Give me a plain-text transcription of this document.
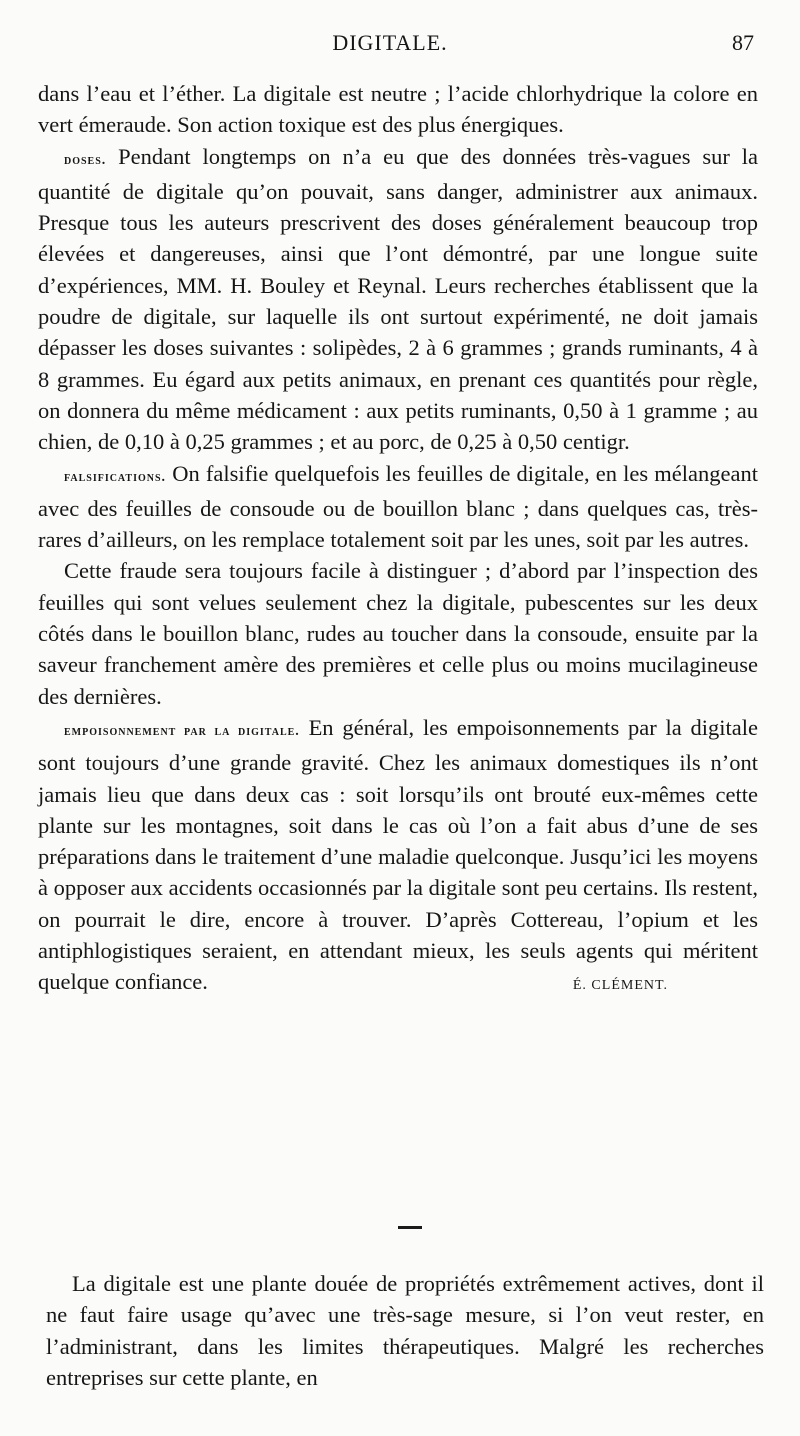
DIGITALE.	87

dans l’eau et l’éther. La digitale est neutre ; l’acide chlorhydrique la colore en vert émeraude. Son action toxique est des plus énergiques.

doses. Pendant longtemps on n’a eu que des données très-vagues sur la quantité de digitale qu’on pouvait, sans danger, administrer aux animaux. Presque tous les auteurs prescrivent des doses généralement beaucoup trop élevées et dangereuses, ainsi que l’ont démontré, par une longue suite d’expériences, MM. H. Bouley et Reynal. Leurs recherches établissent que la poudre de digitale, sur laquelle ils ont surtout expérimenté, ne doit jamais dépasser les doses suivantes : solipèdes, 2 à 6 grammes ; grands ruminants, 4 à 8 grammes. Eu égard aux petits animaux, en prenant ces quantités pour règle, on donnera du même médicament : aux petits ruminants, 0,50 à 1 gramme ; au chien, de 0,10 à 0,25 grammes ; et au porc, de 0,25 à 0,50 centigr.

falsifications. On falsifie quelquefois les feuilles de digitale, en les mélangeant avec des feuilles de consoude ou de bouillon blanc ; dans quelques cas, très-rares d’ailleurs, on les remplace totalement soit par les unes, soit par les autres.

Cette fraude sera toujours facile à distinguer ; d’abord par l’inspection des feuilles qui sont velues seulement chez la digitale, pubescentes sur les deux côtés dans le bouillon blanc, rudes au toucher dans la consoude, ensuite par la saveur franchement amère des premières et celle plus ou moins mucilagineuse des dernières.

empoisonnement par la digitale. En général, les empoisonnements par la digitale sont toujours d’une grande gravité. Chez les animaux domestiques ils n’ont jamais lieu que dans deux cas : soit lorsqu’ils ont brouté eux-mêmes cette plante sur les montagnes, soit dans le cas où l’on a fait abus d’une de ses préparations dans le traitement d’une maladie quelconque. Jusqu’ici les moyens à opposer aux accidents occasionnés par la digitale sont peu certains. Ils restent, on pourrait le dire, encore à trouver. D’après Cottereau, l’opium et les antiphlogistiques seraient, en attendant mieux, les seuls agents qui méritent quelque confiance.	É. CLÉMENT.

La digitale est une plante douée de propriétés extrêmement actives, dont il ne faut faire usage qu’avec une très-sage mesure, si l’on veut rester, en l’administrant, dans les limites thérapeutiques. Malgré les recherches entreprises sur cette plante, en
